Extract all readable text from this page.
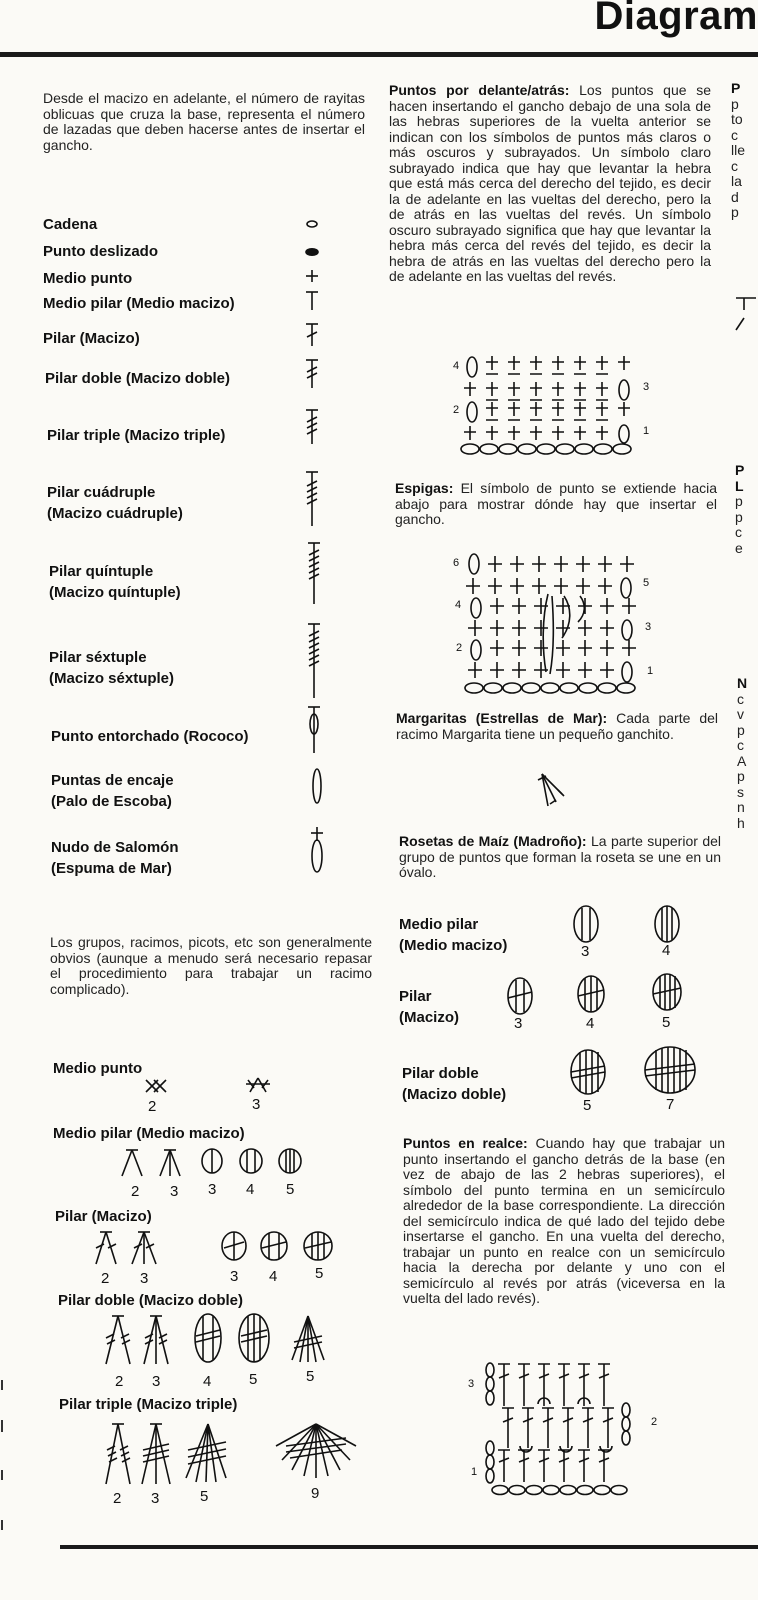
Diagram
Desde el macizo en adelante, el número de rayitas oblicuas que cruza la base, representa el número de lazadas que deben hacerse antes de insertar el gancho.
Cadena
Punto deslizado
Medio punto
Medio pilar (Medio macizo)
Pilar (Macizo)
Pilar doble (Macizo doble)
Pilar triple (Macizo triple)
Pilar cuádruple
(Macizo cuádruple)
Pilar quíntuple
(Macizo quíntuple)
Pilar séxtuple
(Macizo séxtuple)
Punto entorchado (Rococo)
Puntas de encaje
(Palo de Escoba)
Nudo de Salomón
(Espuma de Mar)
Los grupos, racimos, picots, etc son generalmente obvios (aunque a menudo será necesario repasar el procedimiento para trabajar un racimo complicado).
Medio punto
2	3
Medio pilar (Medio macizo)
2 3 3 4 5
Pilar (Macizo)
2 3	3 4	5
Pilar doble (Macizo doble)
2 3	4	5	5
Pilar triple (Macizo triple)
2 3	5	9
Puntos por delante/atrás: Los puntos que se hacen insertando el gancho debajo de una sola de las hebras superiores de la vuelta anterior se indican con los símbolos de puntos más claros o más oscuros y subrayados. Un símbolo claro subrayado indica que hay que levantar la hebra que está más cerca del derecho del tejido, es decir la de adelante en las vueltas del derecho, pero la de atrás en las vueltas del revés. Un símbolo oscuro subrayado significa que hay que levantar la hebra más cerca del revés del tejido, es decir la hebra de atrás en las vueltas del derecho pero la de adelante en las vueltas del revés.
4
3
2
1
Espigas: El símbolo de punto se extiende hacia abajo para mostrar dónde hay que insertar el gancho.
6
5
4
3
2
1
Margaritas (Estrellas de Mar): Cada parte del racimo Margarita tiene un pequeño ganchito.
Rosetas de Maíz (Madroño): La parte superior del grupo de puntos que forman la roseta se une en un óvalo.
Medio pilar
(Medio macizo)
Pilar
(Macizo)
Pilar doble
(Macizo doble)
3	4
3	4	5
5	7
Puntos en realce: Cuando hay que trabajar un punto insertando el gancho detrás de la base (en vez de abajo de las 2 hebras superiores), el símbolo del punto termina en un semicírculo alrededor de la base correspondiente. La dirección del semicírculo indica de qué lado del tejido debe insertarse el gancho. En una vuelta del derecho, trabajar un punto en realce con un semicírculo hacia la derecha por delante y uno con el semicírculo al revés por atrás (viceversa en la vuelta del lado revés).
3
2
1
P
p
to
c
lle
c
la
d
p
P
L
p
p
c
e
N
c
v
p
c
A
p
s
n
h
